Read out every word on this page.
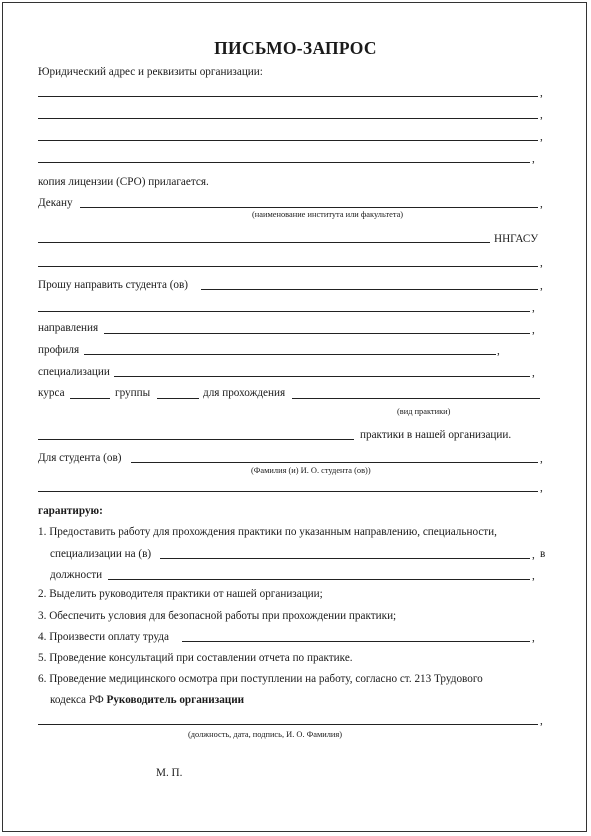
ПИСЬМО-ЗАПРОС
Юридический адрес и реквизиты организации:
,
,
,
,
копия лицензии (СРО) прилагается.
Декану	,
(наименование института или факультета)
ННГАСУ
,
Прошу направить студента (ов)	,
,
направления	,
профиля	,
специализации	,
курса	группы	для прохождения
(вид практики)
практики в нашей организации.
Для студента (ов)	,
(Фамилия (и) И. О. студента (ов))
,
гарантирую:
1. Предоставить работу для прохождения практики по указанным направлению, специальности,
специализации на (в)	, в
должности	,
2. Выделить руководителя практики от нашей организации;
3. Обеспечить условия для безопасной работы при прохождении практики;
4. Произвести оплату труда	,
5. Проведение консультаций при составлении отчета по практике.
6. Проведение медицинского осмотра при поступлении на работу, согласно ст. 213 Трудового
кодекса РФ Руководитель организации
,
(должность, дата, подпись, И. О. Фамилия)
М. П.
